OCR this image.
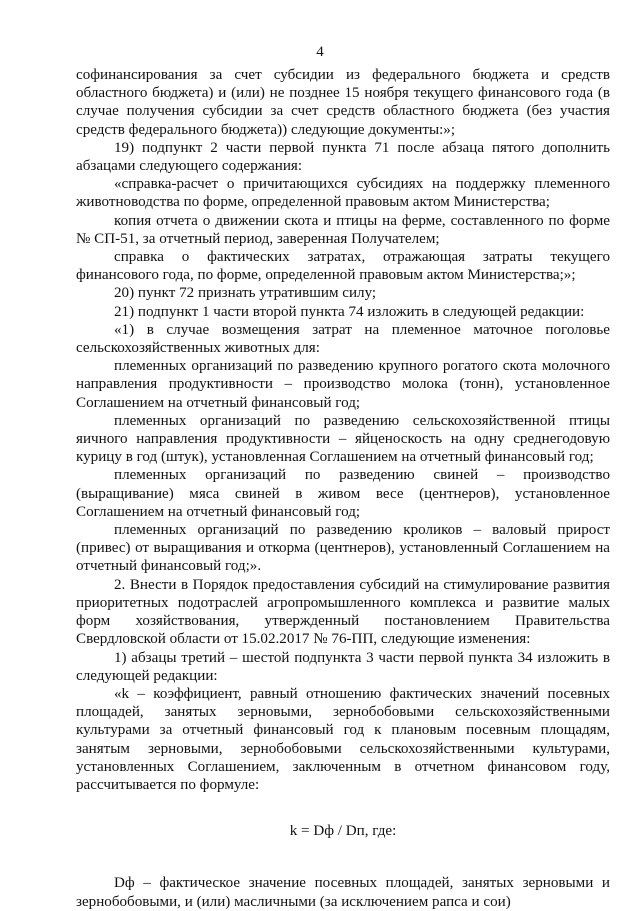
4

софинансирования за счет субсидии из федерального бюджета и средств областного бюджета) и (или) не позднее 15 ноября текущего финансового года (в случае получения субсидии за счет средств областного бюджета (без участия средств федерального бюджета)) следующие документы:»;

19) подпункт 2 части первой пункта 71 после абзаца пятого дополнить абзацами следующего содержания:

«справка-расчет о причитающихся субсидиях на поддержку племенного животноводства по форме, определенной правовым актом Министерства;

копия отчета о движении скота и птицы на ферме, составленного по форме № СП-51, за отчетный период, заверенная Получателем;

справка о фактических затратах, отражающая затраты текущего финансового года, по форме, определенной правовым актом Министерства;»;

20) пункт 72 признать утратившим силу;

21) подпункт 1 части второй пункта 74 изложить в следующей редакции:

«1) в случае возмещения затрат на племенное маточное поголовье сельскохозяйственных животных для:

племенных организаций по разведению крупного рогатого скота молочного направления продуктивности – производство молока (тонн), установленное Соглашением на отчетный финансовый год;

племенных организаций по разведению сельскохозяйственной птицы яичного направления продуктивности – яйценоскость на одну среднегодовую курицу в год (штук), установленная Соглашением на отчетный финансовый год;

племенных организаций по разведению свиней – производство (выращивание) мяса свиней в живом весе (центнеров), установленное Соглашением на отчетный финансовый год;

племенных организаций по разведению кроликов – валовый прирост (привес) от выращивания и откорма (центнеров), установленный Соглашением на отчетный финансовый год;».

2. Внести в Порядок предоставления субсидий на стимулирование развития приоритетных подотраслей агропромышленного комплекса и развитие малых форм хозяйствования, утвержденный постановлением Правительства Свердловской области от 15.02.2017 № 76-ПП, следующие изменения:

1) абзацы третий – шестой подпункта 3 части первой пункта 34 изложить в следующей редакции:

«k – коэффициент, равный отношению фактических значений посевных площадей, занятых зерновыми, зернобобовыми сельскохозяйственными культурами за отчетный финансовый год к плановым посевным площадям, занятым зерновыми, зернобобовыми сельскохозяйственными культурами, установленных Соглашением, заключенным в отчетном финансовом году, рассчитывается по формуле:

k = Dф / Dп, где:

Dф – фактическое значение посевных площадей, занятых зерновыми и зернобобовыми, и (или) масличными (за исключением рапса и сои)
